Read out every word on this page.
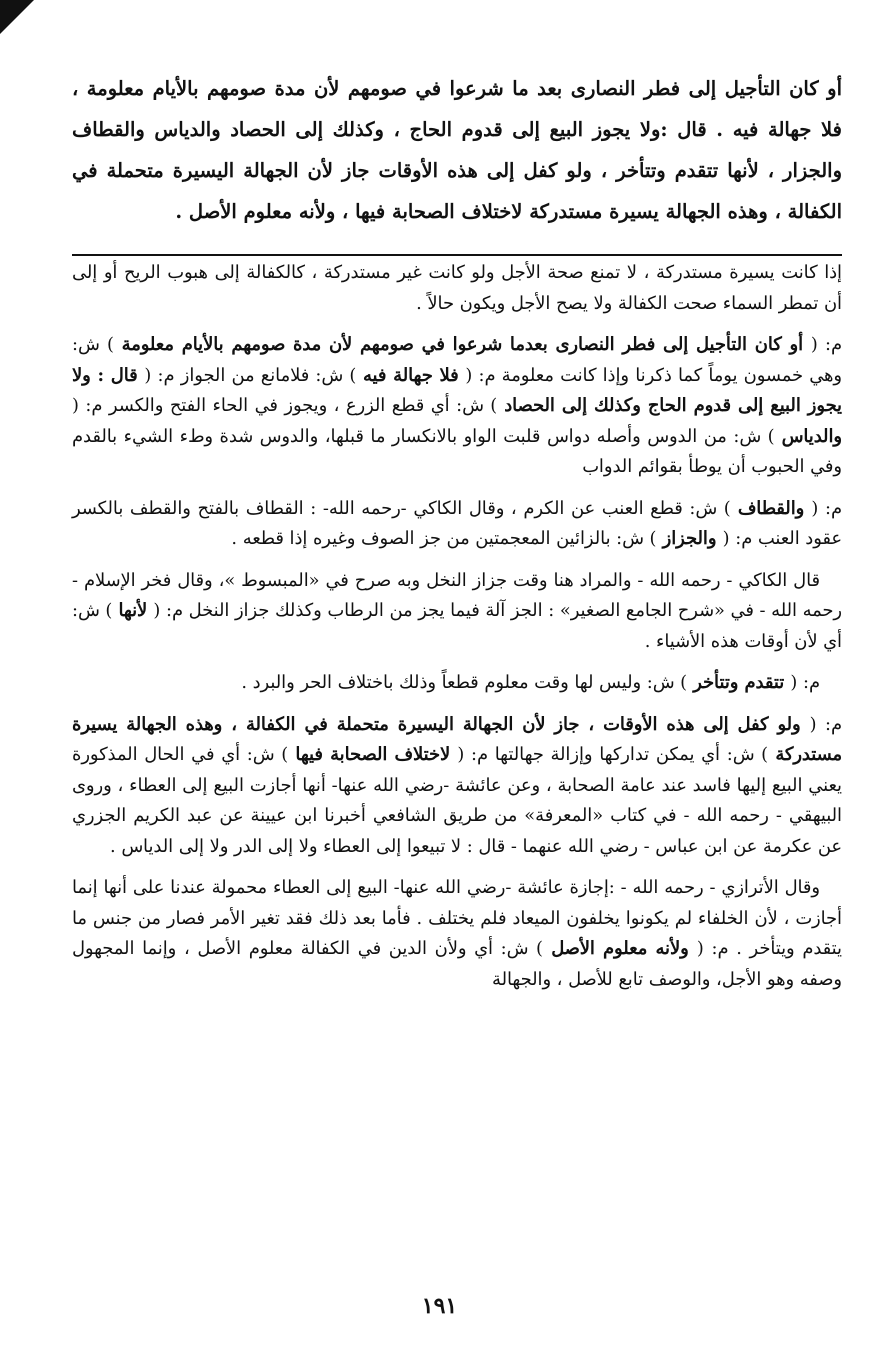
أو كان التأجيل إلى فطر النصارى بعد ما شرعوا في صومهم لأن مدة صومهم بالأيام معلومة ، فلا جهالة فيه . قال :ولا يجوز البيع إلى قدوم الحاج ، وكذلك إلى الحصاد والدياس والقطاف والجزار ، لأنها تتقدم وتتأخر ، ولو كفل إلى هذه الأوقات جاز لأن الجهالة اليسيرة متحملة في الكفالة ، وهذه الجهالة يسيرة مستدركة لاختلاف الصحابة فيها ، ولأنه معلوم الأصل .

إذا كانت يسيرة مستدركة ، لا تمنع صحة الأجل ولو كانت غير مستدركة ، كالكفالة إلى هبوب الريح أو إلى أن تمطر السماء صحت الكفالة ولا يصح الأجل ويكون حالاً .

م: ( أو كان التأجيل إلى فطر النصارى بعدما شرعوا في صومهم لأن مدة صومهم بالأيام معلومة ) ش: وهي خمسون يوماً كما ذكرنا وإذا كانت معلومة م: ( فلا جهالة فيه ) ش: فلامانع من الجواز م: ( قال : ولا يجوز البيع إلى قدوم الحاج وكذلك إلى الحصاد ) ش: أي قطع الزرع ، ويجوز في الحاء الفتح والكسر م: ( والدياس ) ش: من الدوس وأصله دواس قلبت الواو بالانكسار ما قبلها، والدوس شدة وطء الشيء بالقدم وفي الحبوب أن يوطأ بقوائم الدواب

م: ( والقطاف ) ش: قطع العنب عن الكرم ، وقال الكاكي -رحمه الله- : القطاف بالفتح والقطف بالكسر عقود العنب م: ( والجزاز ) ش: بالزائين المعجمتين من جز الصوف وغيره إذا قطعه .

قال الكاكي - رحمه الله - والمراد هنا وقت جزاز النخل وبه صرح في «المبسوط »، وقال فخر الإسلام - رحمه الله - في «شرح الجامع الصغير» : الجز آلة فيما يجز من الرطاب وكذلك جزاز النخل م: ( لأنها ) ش: أي لأن أوقات هذه الأشياء .

م: ( تتقدم وتتأخر ) ش: وليس لها وقت معلوم قطعاً وذلك باختلاف الحر والبرد .

م: ( ولو كفل إلى هذه الأوقات ، جاز لأن الجهالة اليسيرة متحملة في الكفالة ، وهذه الجهالة يسيرة مستدركة ) ش: أي يمكن تداركها وإزالة جهالتها م: ( لاختلاف الصحابة فيها ) ش: أي في الحال المذكورة يعني البيع إليها فاسد عند عامة الصحابة ، وعن عائشة -رضي الله عنها- أنها أجازت البيع إلى العطاء ، وروى البيهقي - رحمه الله - في كتاب «المعرفة» من طريق الشافعي أخبرنا ابن عيينة عن عبد الكريم الجزري عن عكرمة عن ابن عباس - رضي الله عنهما - قال : لا تبيعوا إلى العطاء ولا إلى الدر ولا إلى الدياس .

وقال الأترازي - رحمه الله - :إجازة عائشة -رضي الله عنها- البيع إلى العطاء محمولة عندنا على أنها إنما أجازت ، لأن الخلفاء لم يكونوا يخلفون الميعاد فلم يختلف . فأما بعد ذلك فقد تغير الأمر فصار من جنس ما يتقدم ويتأخر . م: ( ولأنه معلوم الأصل ) ش: أي ولأن الدين في الكفالة معلوم الأصل ، وإنما المجهول وصفه وهو الأجل، والوصف تابع للأصل ، والجهالة

١٩١
